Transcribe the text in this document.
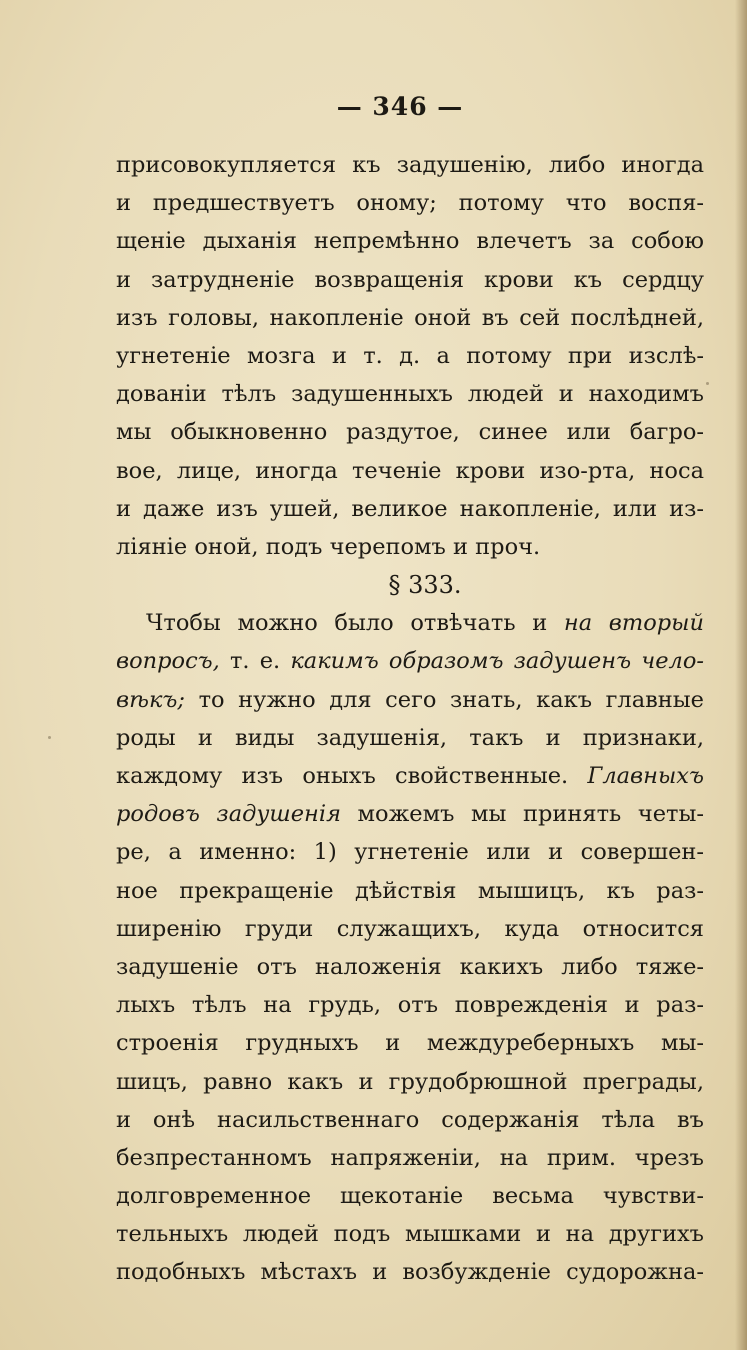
— 346 —
присовокупляется къ задушенію, либо иногда
и предшествуетъ оному; потому что воспя-
щеніе дыханія непремѣнно влечетъ за собою
и затрудненіе возвращенія крови къ сердцу
изъ головы, накопленіе оной въ сей послѣдней,
угнетеніе мозга и т. д. а потому при изслѣ-
дованіи тѣлъ задушенныхъ людей и находимъ
мы обыкновенно раздутое, синее или багро-
вое, лице, иногда теченіе крови изо-рта, носа
и даже изъ ушей, великое накопленіе, или из-
ліяніе оной, подъ черепомъ и проч.
§ 333.
Чтобы можно было отвѣчать и на вторый
вопросъ, т. е. какимъ образомъ задушенъ чело-
вѣкъ; то нужно для сего знать, какъ главные
роды и виды задушенія, такъ и признаки,
каждому изъ оныхъ свойственные. Главныхъ
родовъ задушенія можемъ мы принять четы-
ре, а именно: 1) угнетеніе или и совершен-
ное прекращеніе дѣйствія мышицъ, къ раз-
ширенію груди служащихъ, куда относится
задушеніе отъ наложенія какихъ либо тяже-
лыхъ тѣлъ на грудь, отъ поврежденія и раз-
строенія грудныхъ и междуреберныхъ мы-
шицъ, равно какъ и грудобрюшной преграды,
и онѣ насильственнаго содержанія тѣла въ
безпрестанномъ напряженіи, на прим. чрезъ
долговременное щекотаніе весьма чувстви-
тельныхъ людей подъ мышками и на другихъ
подобныхъ мѣстахъ и возбужденіе судорожна-
